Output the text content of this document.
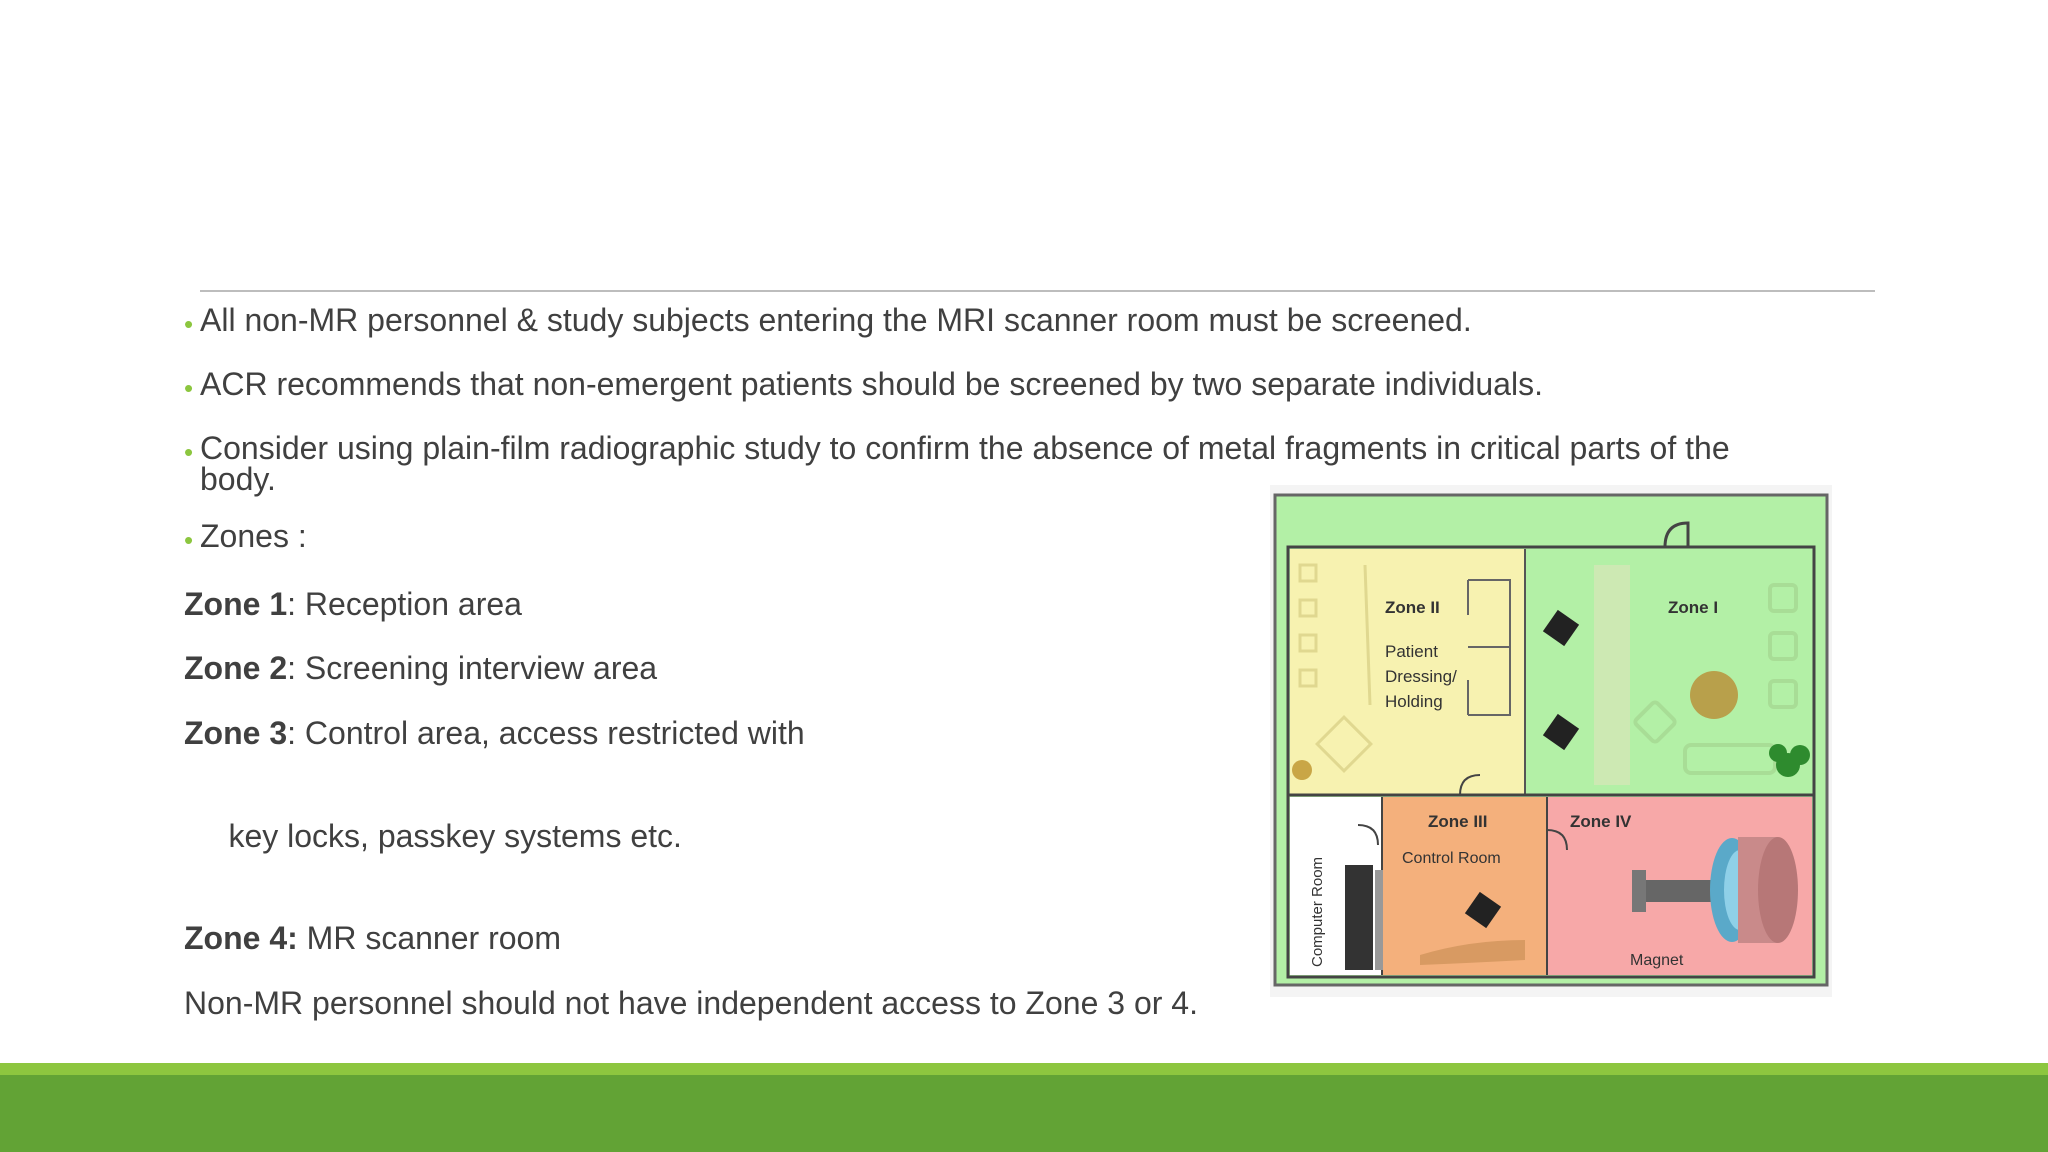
• All non-MR personnel & study subjects entering the MRI scanner room must be screened.
• ACR recommends that non-emergent patients should be screened by two separate individuals.
• Consider using plain-film radiographic study to confirm the absence of metal fragments in critical parts of the body.
• Zones :
Zone 1: Reception area
Zone 2: Screening interview area
Zone 3: Control area, access restricted with

key locks, passkey systems etc.

Zone 4: MR scanner room
Non-MR personnel should not have independent access to Zone 3 or 4.
Zone II
Patient
Dressing/
Holding
Zone I
Computer Room
Zone III
Control Room
Zone IV
Magnet
